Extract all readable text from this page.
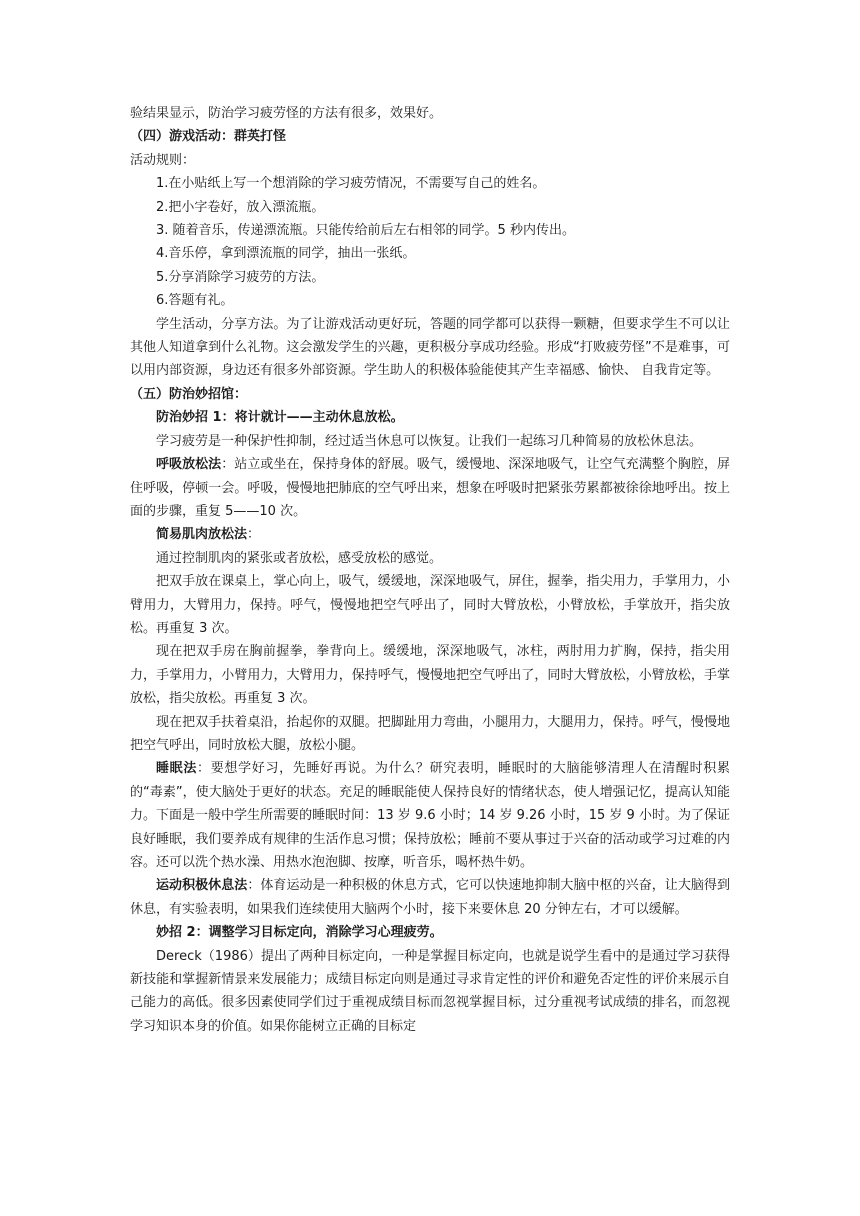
验结果显示，防治学习疲劳怪的方法有很多，效果好。

（四）游戏活动：群英打怪

活动规则：

1.在小贴纸上写一个想消除的学习疲劳情况，不需要写自己的姓名。

2.把小字卷好，放入漂流瓶。

3. 随着音乐，传递漂流瓶。只能传给前后左右相邻的同学。5 秒内传出。

4.音乐停，拿到漂流瓶的同学，抽出一张纸。

5.分享消除学习疲劳的方法。

6.答题有礼。

学生活动，分享方法。为了让游戏活动更好玩，答题的同学都可以获得一颗糖，但要求学生不可以让其他人知道拿到什么礼物。这会激发学生的兴趣，更积极分享成功经验。形成“打败疲劳怪”不是难事，可以用内部资源，身边还有很多外部资源。学生助人的积极体验能使其产生幸福感、愉快、 自我肯定等。

（五）防治妙招馆：

防治妙招 1：将计就计——主动休息放松。

学习疲劳是一种保护性抑制，经过适当休息可以恢复。让我们一起练习几种简易的放松休息法。

呼吸放松法：站立或坐在，保持身体的舒展。吸气，缓慢地、深深地吸气，让空气充满整个胸腔，屏住呼吸，停顿一会。呼吸，慢慢地把肺底的空气呼出来，想象在呼吸时把紧张劳累都被徐徐地呼出。按上面的步骤，重复 5——10 次。

简易肌肉放松法：

通过控制肌肉的紧张或者放松，感受放松的感觉。

把双手放在课桌上，掌心向上，吸气，缓缓地，深深地吸气，屏住，握拳，指尖用力，手掌用力，小臂用力，大臂用力，保持。呼气，慢慢地把空气呼出了，同时大臂放松，小臂放松，手掌放开，指尖放松。再重复 3 次。

现在把双手房在胸前握拳，拳背向上。缓缓地，深深地吸气，冰柱，两肘用力扩胸，保持，指尖用力，手掌用力，小臂用力，大臂用力，保持呼气，慢慢地把空气呼出了，同时大臂放松，小臂放松，手掌放松，指尖放松。再重复 3 次。

现在把双手扶着桌沿，抬起你的双腿。把脚趾用力弯曲，小腿用力，大腿用力，保持。呼气，慢慢地把空气呼出，同时放松大腿，放松小腿。

睡眠法：要想学好习，先睡好再说。为什么？研究表明，睡眠时的大脑能够清理人在清醒时积累的“毒素”，使大脑处于更好的状态。充足的睡眠能使人保持良好的情绪状态，使人增强记忆，提高认知能力。下面是一般中学生所需要的睡眠时间：13 岁 9.6 小时；14 岁 9.26 小时，15 岁 9 小时。为了保证良好睡眠，我们要养成有规律的生活作息习惯；保持放松；睡前不要从事过于兴奋的活动或学习过难的内容。还可以洗个热水澡、用热水泡泡脚、按摩，听音乐，喝杯热牛奶。

运动积极休息法：体育运动是一种积极的休息方式，它可以快速地抑制大脑中枢的兴奋，让大脑得到休息，有实验表明，如果我们连续使用大脑两个小时，接下来要休息 20 分钟左右，才可以缓解。

妙招 2：调整学习目标定向，消除学习心理疲劳。

Dereck（1986）提出了两种目标定向，一种是掌握目标定向，也就是说学生看中的是通过学习获得新技能和掌握新情景来发展能力；成绩目标定向则是通过寻求肯定性的评价和避免否定性的评价来展示自己能力的高低。很多因素使同学们过于重视成绩目标而忽视掌握目标，过分重视考试成绩的排名，而忽视学习知识本身的价值。如果你能树立正确的目标定
